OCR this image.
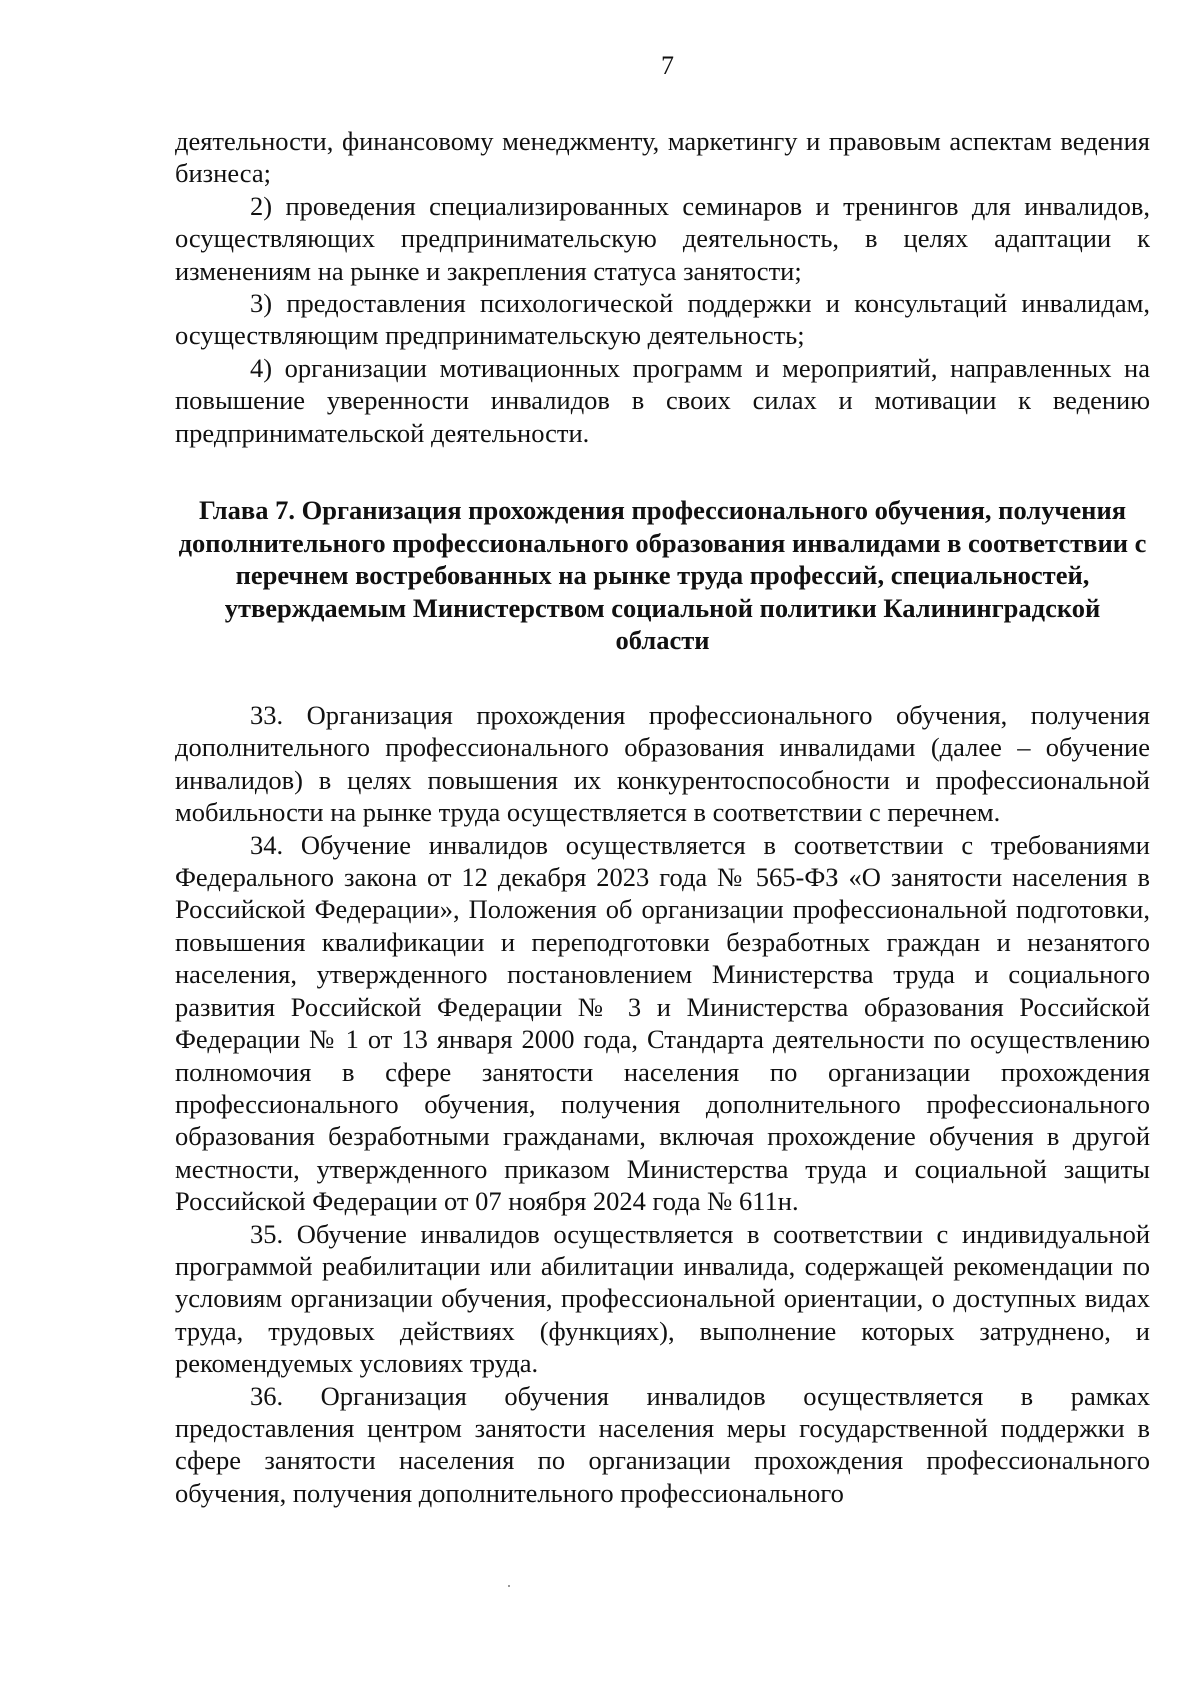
7

деятельности, финансовому менеджменту, маркетингу и правовым аспектам ведения бизнеса;

2) проведения специализированных семинаров и тренингов для инвалидов, осуществляющих предпринимательскую деятельность, в целях адаптации к изменениям на рынке и закрепления статуса занятости;

3) предоставления психологической поддержки и консультаций инвалидам, осуществляющим предпринимательскую деятельность;

4) организации мотивационных программ и мероприятий, направленных на повышение уверенности инвалидов в своих силах и мотивации к ведению предпринимательской деятельности.

Глава 7. Организация прохождения профессионального обучения, получения дополнительного профессионального образования инвалидами в соответствии с перечнем востребованных на рынке труда профессий, специальностей, утверждаемым Министерством социальной политики Калининградской области

33. Организация прохождения профессионального обучения, получения дополнительного профессионального образования инвалидами (далее – обучение инвалидов) в целях повышения их конкурентоспособности и профессиональной мобильности на рынке труда осуществляется в соответствии с перечнем.

34. Обучение инвалидов осуществляется в соответствии с требованиями Федерального закона от 12 декабря 2023 года № 565-ФЗ «О занятости населения в Российской Федерации», Положения об организации профессиональной подготовки, повышения квалификации и переподготовки безработных граждан и незанятого населения, утвержденного постановлением Министерства труда и социального развития Российской Федерации № 3 и Министерства образования Российской Федерации № 1 от 13 января 2000 года, Стандарта деятельности по осуществлению полномочия в сфере занятости населения по организации прохождения профессионального обучения, получения дополнительного профессионального образования безработными гражданами, включая прохождение обучения в другой местности, утвержденного приказом Министерства труда и социальной защиты Российской Федерации от 07 ноября 2024 года № 611н.

35. Обучение инвалидов осуществляется в соответствии с индивидуальной программой реабилитации или абилитации инвалида, содержащей рекомендации по условиям организации обучения, профессиональной ориентации, о доступных видах труда, трудовых действиях (функциях), выполнение которых затруднено, и рекомендуемых условиях труда.

36. Организация обучения инвалидов осуществляется в рамках предоставления центром занятости населения меры государственной поддержки в сфере занятости населения по организации прохождения профессионального обучения, получения дополнительного профессионального
